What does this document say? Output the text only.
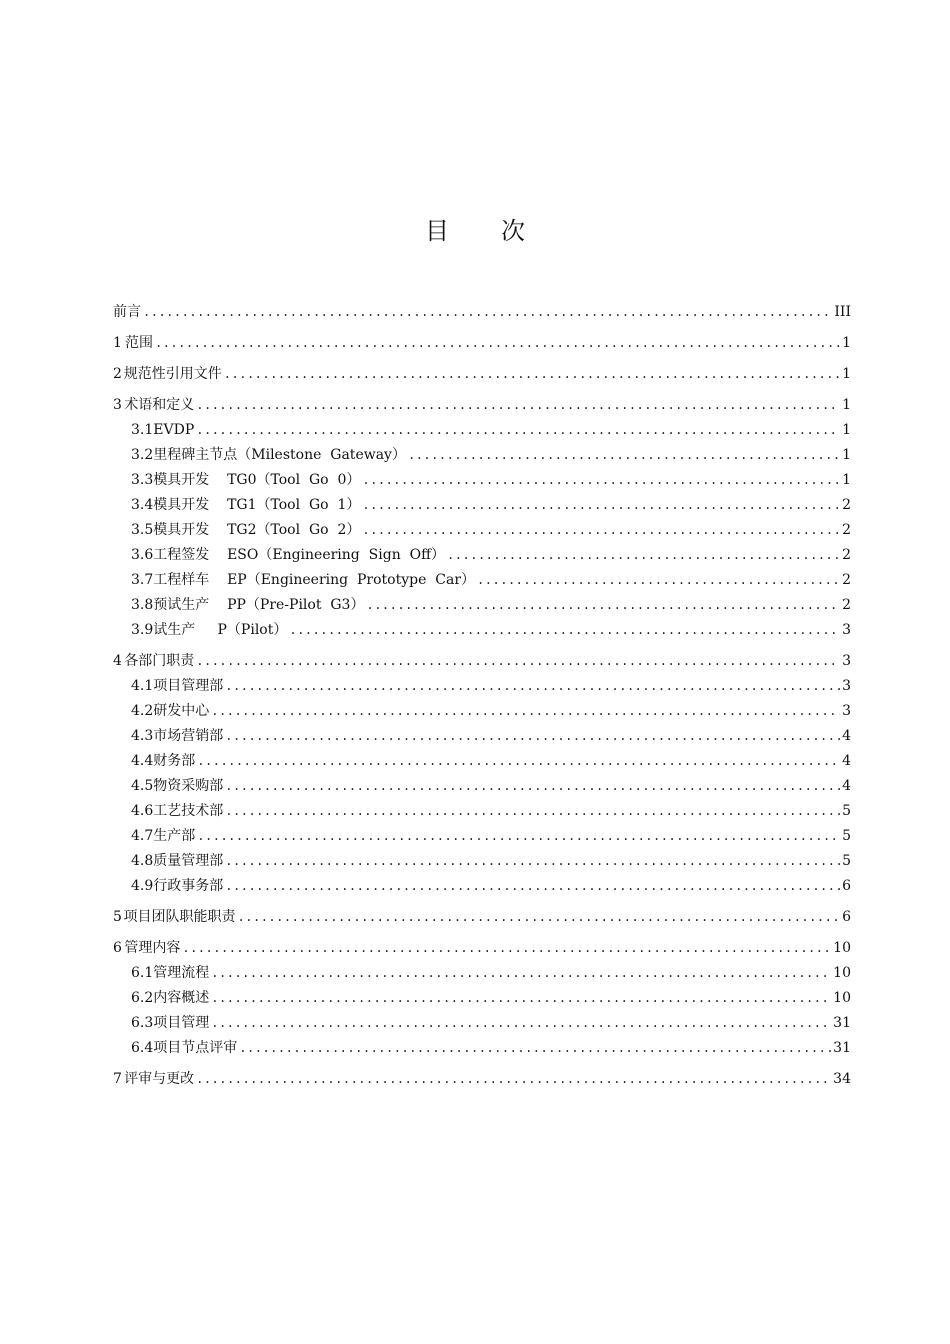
目 次
前言 .....	III
1 范围 .....	1
2 规范性引用文件 .....	1
3 术语和定义 .....	1
3.1 EVDP .....	1
3.2 里程碑主节点（Milestone  Gateway） .....	1
3.3 模具开发    TG0（Tool  Go  0） .....	1
3.4 模具开发    TG1（Tool  Go  1） .....	2
3.5 模具开发    TG2（Tool  Go  2） .....	2
3.6 工程签发    ESO（Engineering  Sign  Off） .....	2
3.7 工程样车    EP（Engineering  Prototype  Car） .....	2
3.8 预试生产    PP（Pre-Pilot  G3） .....	2
3.9 试生产     P（Pilot） .....	3
4 各部门职责 .....	3
4.1 项目管理部 .....	3
4.2 研发中心 .....	3
4.3 市场营销部 .....	4
4.4 财务部 .....	4
4.5 物资采购部 .....	4
4.6 工艺技术部 .....	5
4.7 生产部 .....	5
4.8 质量管理部 .....	5
4.9 行政事务部 .....	6
5 项目团队职能职责 .....	6
6 管理内容 .....	10
6.1 管理流程 .....	10
6.2 内容概述 .....	10
6.3 项目管理 .....	31
6.4 项目节点评审 .....	31
7 评审与更改 .....	34
